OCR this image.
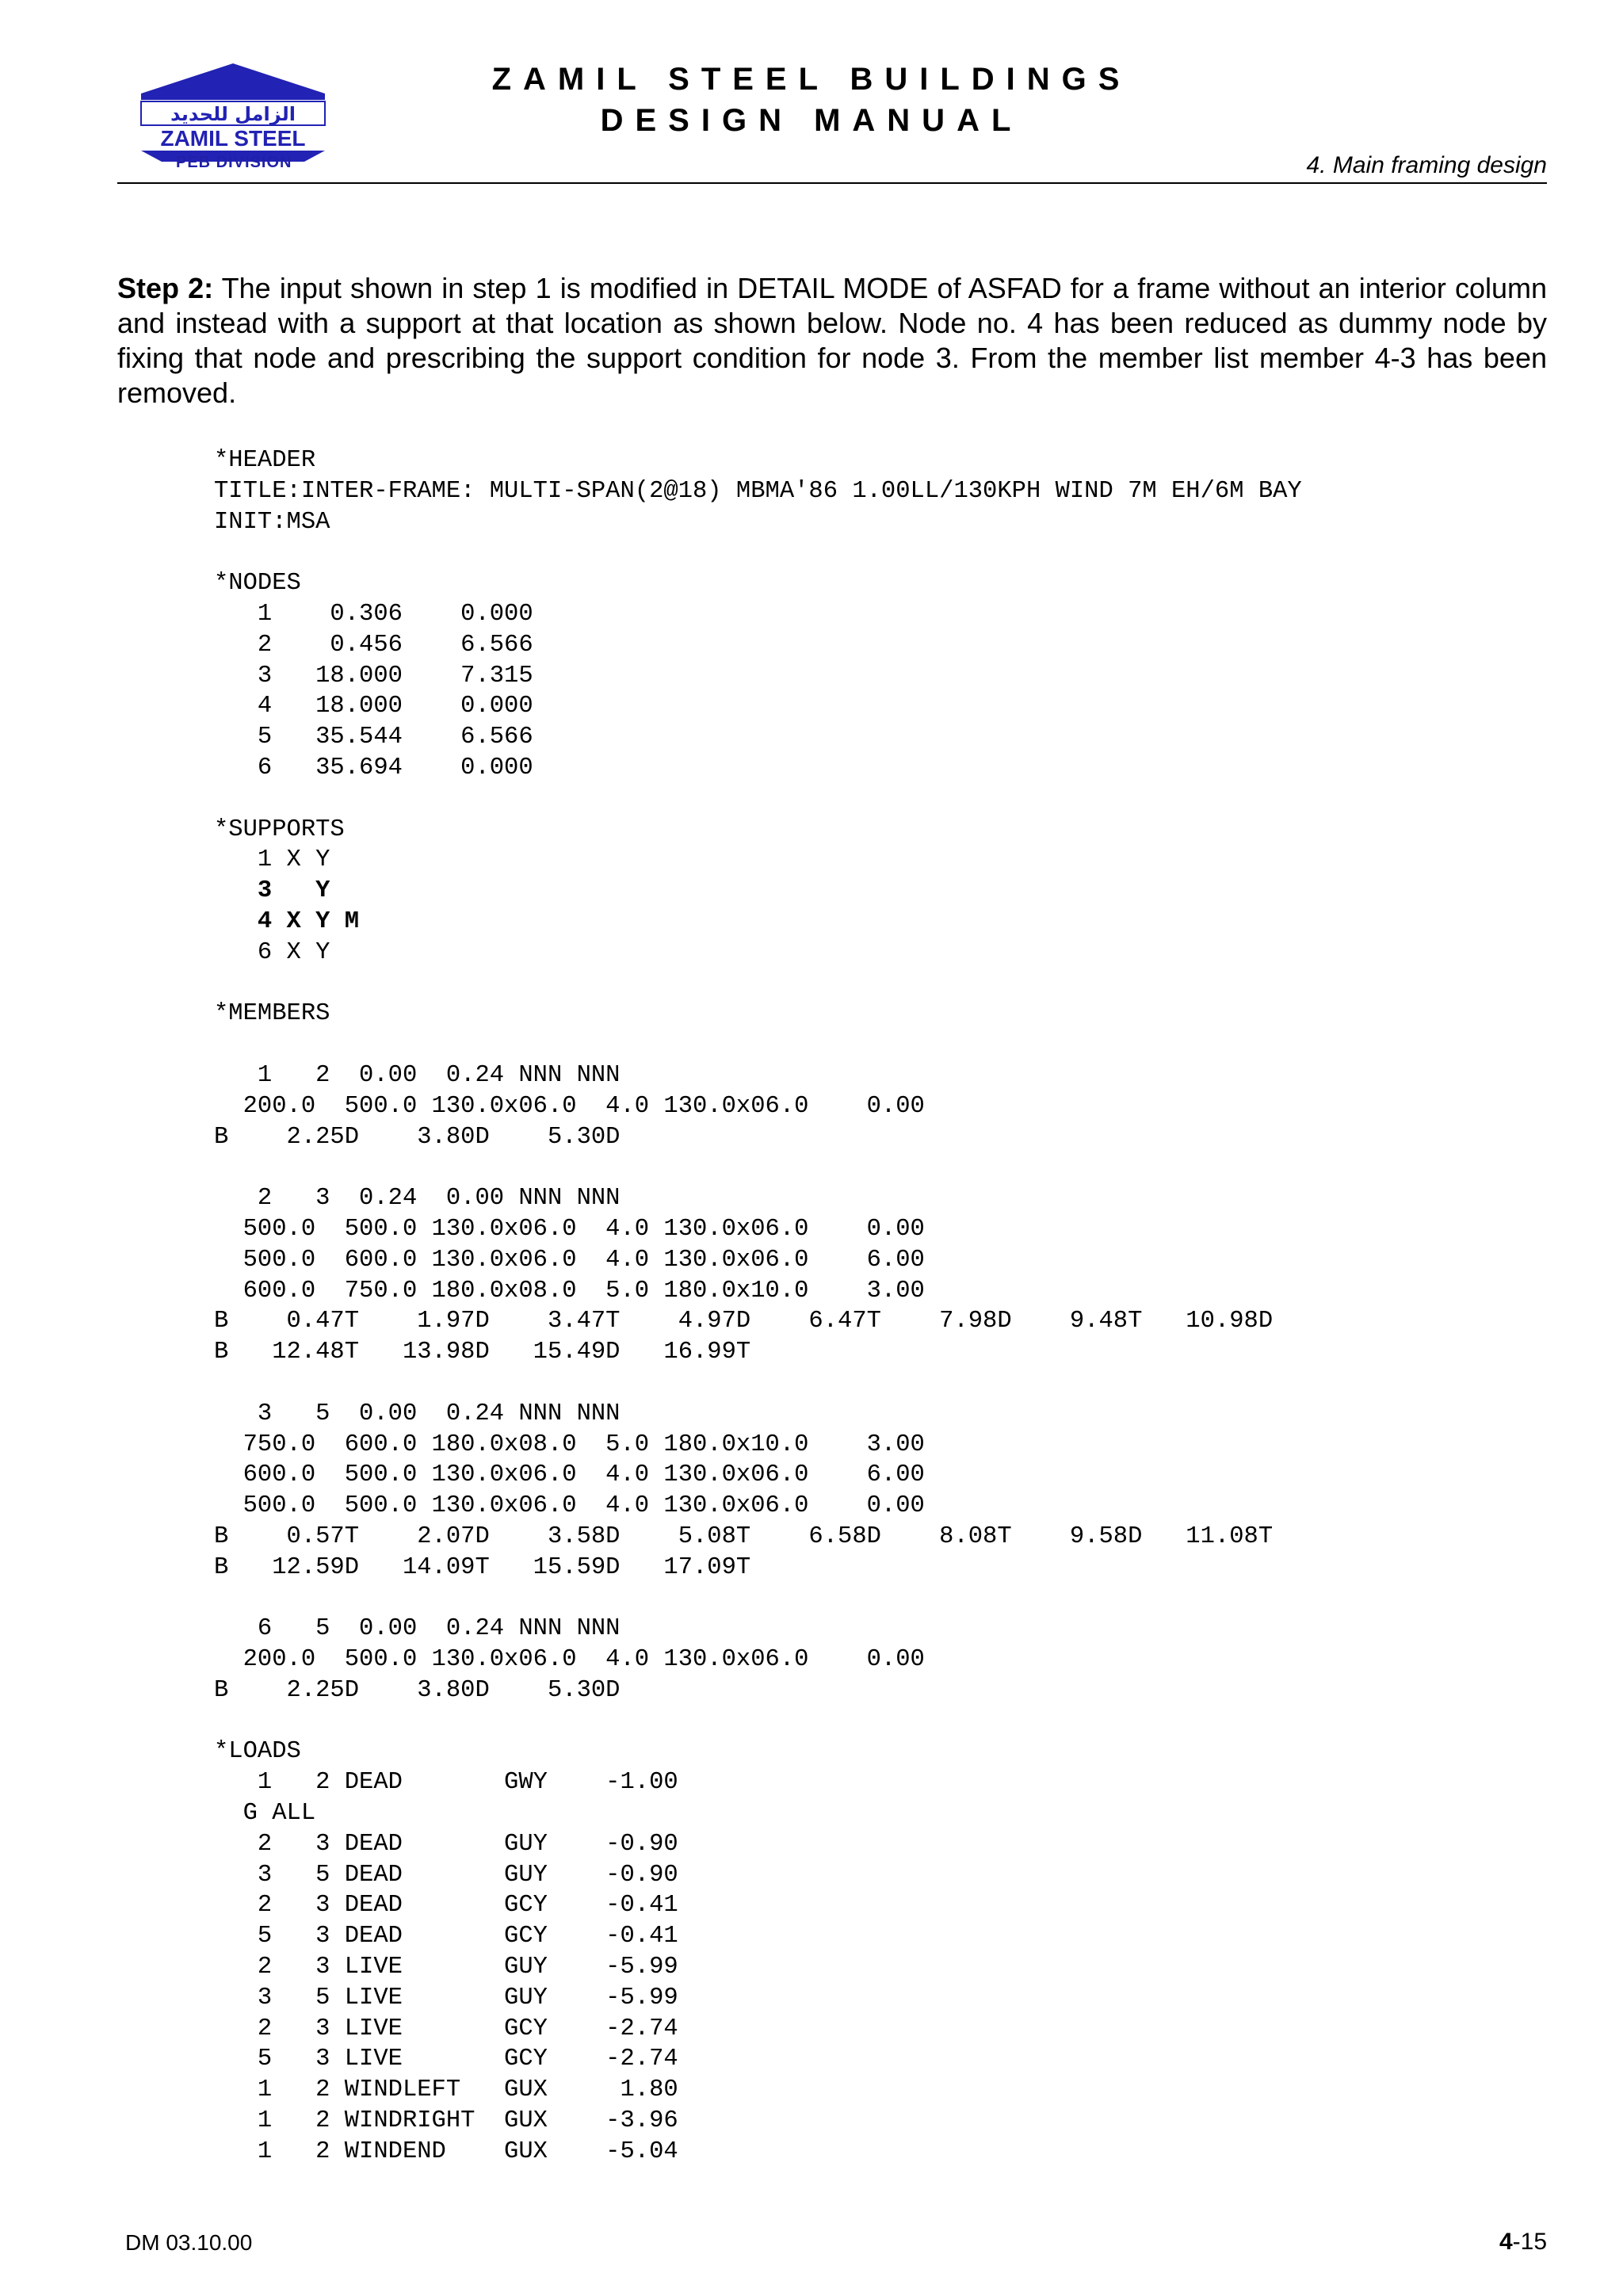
الزامل للحديد
ZAMIL STEEL
PEB DIVISION
ZAMIL STEEL BUILDINGS
DESIGN MANUAL
4. Main framing design

Step 2: The input shown in step 1 is modified in DETAIL MODE of ASFAD for a frame without an interior column and instead with a support at that location as shown below. Node no. 4 has been reduced as dummy node by fixing that node and prescribing the support condition for node 3. From the member list member 4-3 has been removed.

*HEADER
TITLE:INTER-FRAME: MULTI-SPAN(2@18) MBMA'86 1.00LL/130KPH WIND 7M EH/6M BAY
INIT:MSA
*NODES
1    0.306    0.000
2    0.456    6.566
3   18.000    7.315
4   18.000    0.000
5   35.544    6.566
6   35.694    0.000
*SUPPORTS
1 X Y
3   Y
4 X Y M
6 X Y
*MEMBERS
1   2  0.00  0.24 NNN NNN
200.0  500.0 130.0x06.0  4.0 130.0x06.0    0.00
B    2.25D    3.80D    5.30D
2   3  0.24  0.00 NNN NNN
500.0  500.0 130.0x06.0  4.0 130.0x06.0    0.00
500.0  600.0 130.0x06.0  4.0 130.0x06.0    6.00
600.0  750.0 180.0x08.0  5.0 180.0x10.0    3.00
B    0.47T    1.97D    3.47T    4.97D    6.47T    7.98D    9.48T   10.98D
B   12.48T   13.98D   15.49D   16.99T
3   5  0.00  0.24 NNN NNN
750.0  600.0 180.0x08.0  5.0 180.0x10.0    3.00
600.0  500.0 130.0x06.0  4.0 130.0x06.0    6.00
500.0  500.0 130.0x06.0  4.0 130.0x06.0    0.00
B    0.57T    2.07D    3.58D    5.08T    6.58D    8.08T    9.58D   11.08T
B   12.59D   14.09T   15.59D   17.09T
6   5  0.00  0.24 NNN NNN
200.0  500.0 130.0x06.0  4.0 130.0x06.0    0.00
B    2.25D    3.80D    5.30D
*LOADS
1   2 DEAD       GWY    -1.00
G ALL
2   3 DEAD       GUY    -0.90
3   5 DEAD       GUY    -0.90
2   3 DEAD       GCY    -0.41
5   3 DEAD       GCY    -0.41
2   3 LIVE       GUY    -5.99
3   5 LIVE       GUY    -5.99
2   3 LIVE       GCY    -2.74
5   3 LIVE       GCY    -2.74
1   2 WINDLEFT   GUX     1.80
1   2 WINDRIGHT  GUX    -3.96
1   2 WINDEND    GUX    -5.04
DM 03.10.00	4-15
